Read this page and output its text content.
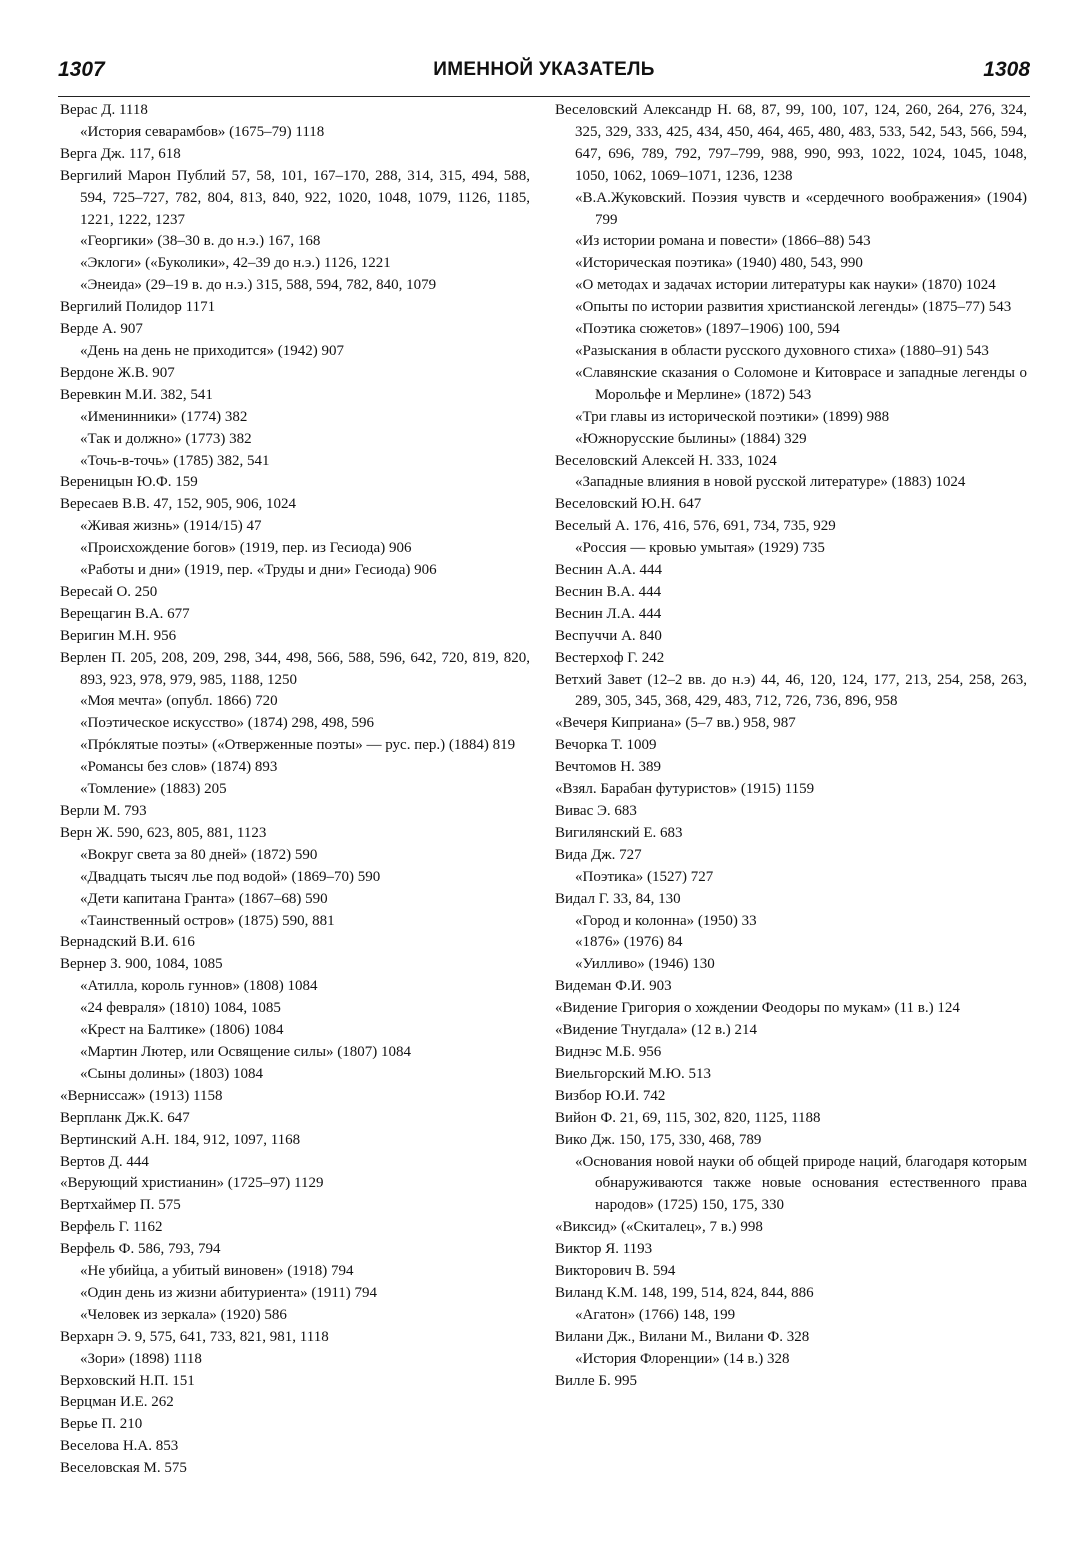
1307	ИМЕННОЙ УКАЗАТЕЛЬ	1308

Верас Д. 1118

«История севарамбов» (1675–79) 1118

Верга Дж. 117, 618

Вергилий Марон Публий 57, 58, 101, 167–170, 288, 314, 315, 494, 588, 594, 725–727, 782, 804, 813, 840, 922, 1020, 1048, 1079, 1126, 1185, 1221, 1222, 1237

«Георгики» (38–30 в. до н.э.) 167, 168

«Эклоги» («Буколики», 42–39 до н.э.) 1126, 1221

«Энеида» (29–19 в. до н.э.) 315, 588, 594, 782, 840, 1079

Вергилий Полидор 1171

Верде А. 907

«День на день не приходится» (1942) 907

Вердоне Ж.В. 907

Веревкин М.И. 382, 541

«Именинники» (1774) 382

«Так и должно» (1773) 382

«Точь-в-точь» (1785) 382, 541

Вереницын Ю.Ф. 159

Вересаев В.В. 47, 152, 905, 906, 1024

«Живая жизнь» (1914/15) 47

«Происхождение богов» (1919, пер. из Гесиода) 906

«Работы и дни» (1919, пер. «Труды и дни» Гесиода) 906

Вересай О. 250

Верещагин В.А. 677

Веригин М.Н. 956

Верлен П. 205, 208, 209, 298, 344, 498, 566, 588, 596, 642, 720, 819, 820, 893, 923, 978, 979, 985, 1188, 1250

«Моя мечта» (опубл. 1866) 720

«Поэтическое искусство» (1874) 298, 498, 596

«Прóклятые поэты» («Отверженные поэты» — рус. пер.) (1884) 819

«Романсы без слов» (1874) 893

«Томление» (1883) 205

Верли М. 793

Верн Ж. 590, 623, 805, 881, 1123

«Вокруг света за 80 дней» (1872) 590

«Двадцать тысяч лье под водой» (1869–70) 590

«Дети капитана Гранта» (1867–68) 590

«Таинственный остров» (1875) 590, 881

Вернадский В.И. 616

Вернер З. 900, 1084, 1085

«Атилла, король гуннов» (1808) 1084

«24 февраля» (1810) 1084, 1085

«Крест на Балтике» (1806) 1084

«Мартин Лютер, или Освящение силы» (1807) 1084

«Сыны долины» (1803) 1084

«Вернисcаж» (1913) 1158

Верпланк Дж.К. 647

Вертинский А.Н. 184, 912, 1097, 1168

Вертов Д. 444

«Верующий христианин» (1725–97) 1129

Вертхаймер П. 575

Верфель Г. 1162

Верфель Ф. 586, 793, 794

«Не убийца, а убитый виновен» (1918) 794

«Один день из жизни абитуриента» (1911) 794

«Человек из зеркала» (1920) 586

Верхарн Э. 9, 575, 641, 733, 821, 981, 1118

«Зори» (1898) 1118

Верховский Н.П. 151

Верцман И.Е. 262

Верье П. 210

Веселова Н.А. 853

Веселовская М. 575

Веселовский Александр Н. 68, 87, 99, 100, 107, 124, 260, 264, 276, 324, 325, 329, 333, 425, 434, 450, 464, 465, 480, 483, 533, 542, 543, 566, 594, 647, 696, 789, 792, 797–799, 988, 990, 993, 1022, 1024, 1045, 1048, 1050, 1062, 1069–1071, 1236, 1238

«В.А.Жуковский. Поэзия чувств и «сердечного воображения» (1904) 799

«Из истории романа и повести» (1866–88) 543

«Историческая поэтика» (1940) 480, 543, 990

«О методах и задачах истории литературы как науки» (1870) 1024

«Опыты по истории развития христианской легенды» (1875–77) 543

«Поэтика сюжетов» (1897–1906) 100, 594

«Разыскания в области русского духовного стиха» (1880–91) 543

«Славянские сказания о Соломоне и Китоврасе и западные легенды о Морольфе и Мерлине» (1872) 543

«Три главы из исторической поэтики» (1899) 988

«Южнорусские былины» (1884) 329

Веселовский Алексей Н. 333, 1024

«Западные влияния в новой русской литературе» (1883) 1024

Веселовский Ю.Н. 647

Веселый А. 176, 416, 576, 691, 734, 735, 929

«Россия — кровью умытая» (1929) 735

Веснин А.А. 444

Веснин В.А. 444

Веснин Л.А. 444

Веспуччи А. 840

Вестерхоф Г. 242

Ветхий Завет (12–2 вв. до н.э) 44, 46, 120, 124, 177, 213, 254, 258, 263, 289, 305, 345, 368, 429, 483, 712, 726, 736, 896, 958

«Вечеря Киприана» (5–7 вв.) 958, 987

Вечорка Т. 1009

Вечтомов Н. 389

«Взял. Барабан футуристов» (1915) 1159

Вивас Э. 683

Вигилянский Е. 683

Вида Дж. 727

«Поэтика» (1527) 727

Видал Г. 33, 84, 130

«Город и колонна» (1950) 33

«1876» (1976) 84

«Уилливо» (1946) 130

Видеман Ф.И. 903

«Видение Григория о хождении Феодоры по мукам» (11 в.) 124

«Видение Тнугдала» (12 в.) 214

Виднэс М.Б. 956

Виельгорский М.Ю. 513

Визбор Ю.И. 742

Вийон Ф. 21, 69, 115, 302, 820, 1125, 1188

Вико Дж. 150, 175, 330, 468, 789

«Основания новой науки об общей природе наций, благодаря которым обнаруживаются также новые основания естественного права народов» (1725) 150, 175, 330

«Виксид» («Скиталец», 7 в.) 998

Виктор Я. 1193

Викторович В. 594

Виланд К.М. 148, 199, 514, 824, 844, 886

«Агатон» (1766) 148, 199

Вилани Дж., Вилани М., Вилани Ф. 328

«История Флоренции» (14 в.) 328

Вилле Б. 995
